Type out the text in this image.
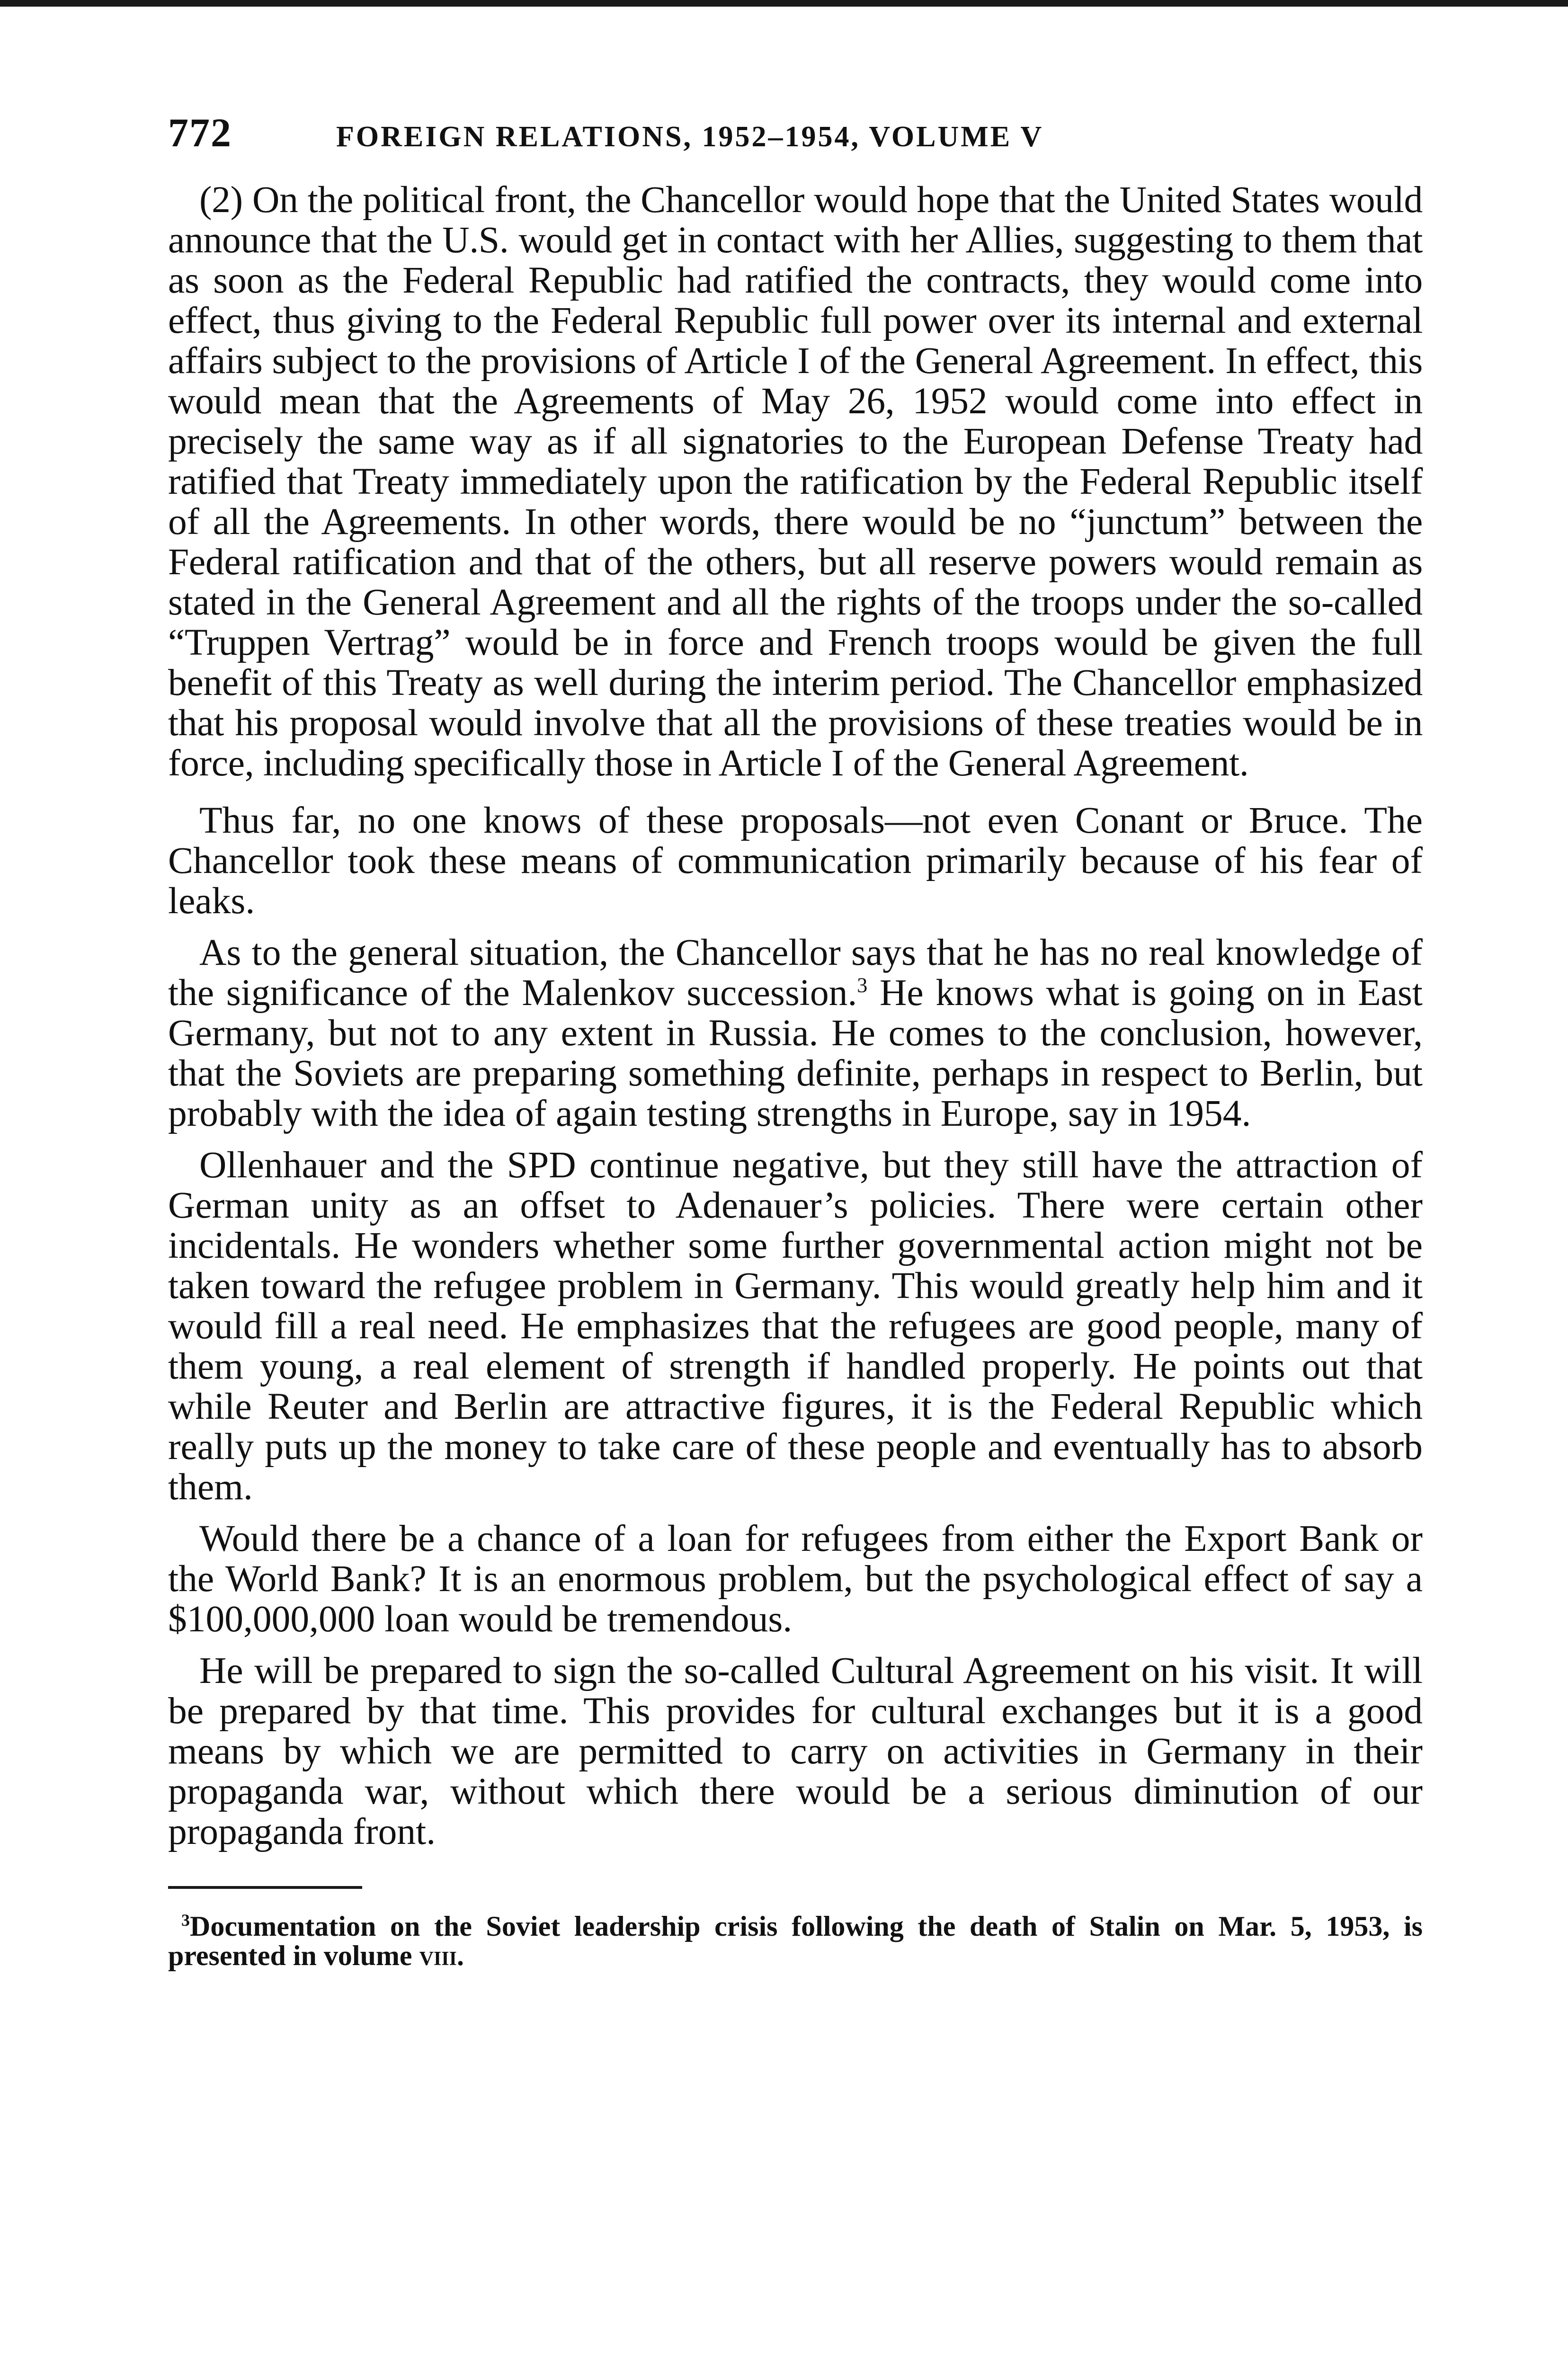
772	FOREIGN RELATIONS, 1952–1954, VOLUME V

(2) On the political front, the Chancellor would hope that the United States would announce that the U.S. would get in contact with her Allies, suggesting to them that as soon as the Federal Republic had ratified the contracts, they would come into effect, thus giving to the Federal Republic full power over its internal and external affairs subject to the provisions of Article I of the General Agreement. In effect, this would mean that the Agreements of May 26, 1952 would come into effect in precisely the same way as if all signatories to the European Defense Treaty had ratified that Treaty immediately upon the ratification by the Federal Republic itself of all the Agreements. In other words, there would be no “junctum” between the Federal ratification and that of the others, but all reserve powers would remain as stated in the General Agreement and all the rights of the troops under the so-called “Truppen Vertrag” would be in force and French troops would be given the full benefit of this Treaty as well during the interim period. The Chancellor emphasized that his proposal would involve that all the provisions of these treaties would be in force, including specifically those in Article I of the General Agreement.

Thus far, no one knows of these proposals—not even Conant or Bruce. The Chancellor took these means of communication primarily because of his fear of leaks.

As to the general situation, the Chancellor says that he has no real knowledge of the significance of the Malenkov succession.$^3$ He knows what is going on in East Germany, but not to any extent in Russia. He comes to the conclusion, however, that the Soviets are preparing something definite, perhaps in respect to Berlin, but probably with the idea of again testing strengths in Europe, say in 1954.

Ollenhauer and the SPD continue negative, but they still have the attraction of German unity as an offset to Adenauer’s policies. There were certain other incidentals. He wonders whether some further governmental action might not be taken toward the refugee problem in Germany. This would greatly help him and it would fill a real need. He emphasizes that the refugees are good people, many of them young, a real element of strength if handled properly. He points out that while Reuter and Berlin are attractive figures, it is the Federal Republic which really puts up the money to take care of these people and eventually has to absorb them.

Would there be a chance of a loan for refugees from either the Export Bank or the World Bank? It is an enormous problem, but the psychological effect of say a $100,000,000 loan would be tremendous.

He will be prepared to sign the so-called Cultural Agreement on his visit. It will be prepared by that time. This provides for cultural exchanges but it is a good means by which we are permitted to carry on activities in Germany in their propaganda war, without which there would be a serious diminution of our propaganda front.

$^3$Documentation on the Soviet leadership crisis following the death of Stalin on Mar. 5, 1953, is presented in volume viii.
